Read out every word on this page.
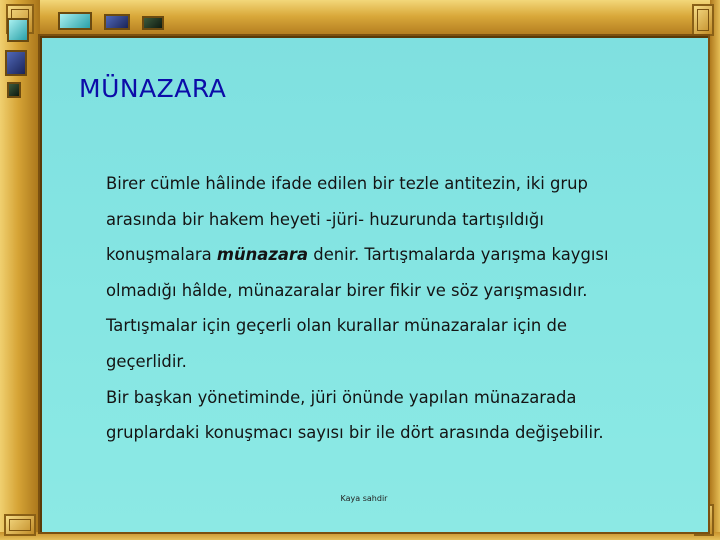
MÜNAZARA
Birer cümle hâlinde ifade edilen bir tezle antitezin, iki grup
arasında bir hakem heyeti -jüri- huzurunda tartışıldığı
konuşmalara münazara denir. Tartışmalarda yarışma kaygısı
olmadığı hâlde, münazaralar birer fikir ve söz yarışmasıdır.
Tartışmalar için geçerli olan kurallar münazaralar için de
geçerlidir.
Bir başkan yönetiminde, jüri önünde yapılan münazarada
gruplardaki konuşmacı sayısı bir ile dört arasında değişebilir.
Kaya sahdir
